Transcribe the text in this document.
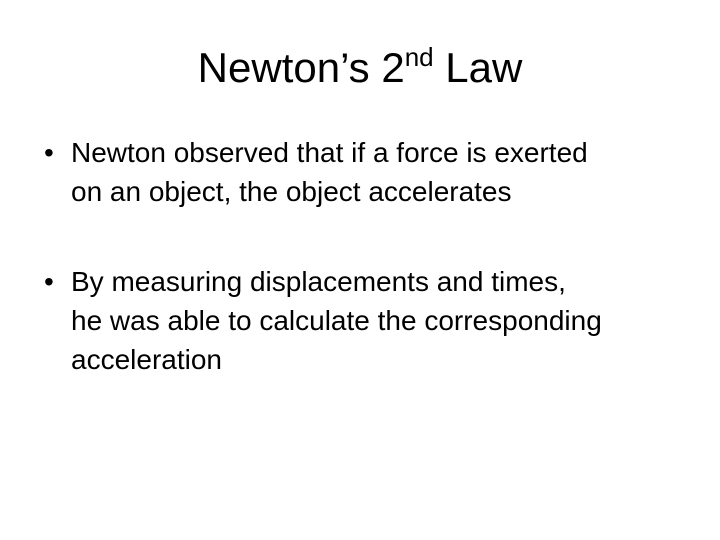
Newton’s 2nd Law
• Newton observed that if a force is exerted
on an object, the object accelerates
• By measuring displacements and times,
he was able to calculate the corresponding
acceleration
